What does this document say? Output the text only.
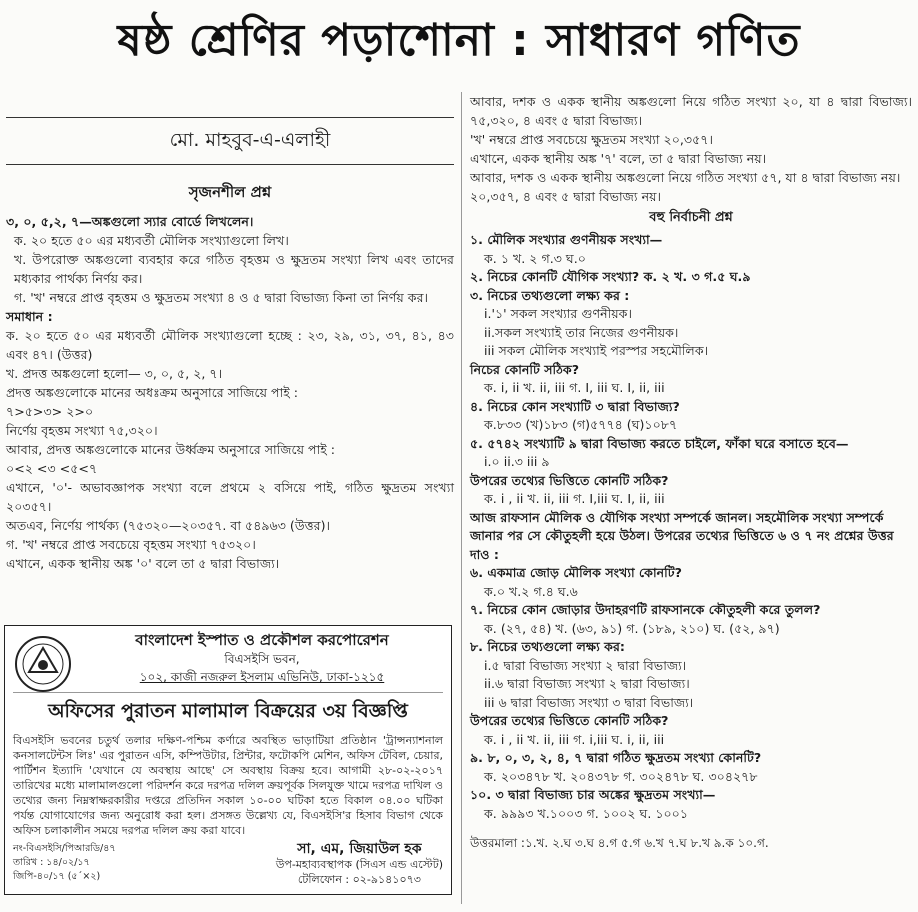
ষষ্ঠ শ্রেণির পড়াশোনা : সাধারণ গণিত
মো. মাহবুব-এ-এলাহী
সৃজনশীল প্রশ্ন

৩, ০, ৫,২, ৭—অঙ্কগুলো স্যার বোর্ডে লিখলেন।

ক. ২০ হতে ৫০ এর মধ্যবর্তী মৌলিক সংখ্যাগুলো লিখ।

খ. উপরোক্ত অঙ্কগুলো ব্যবহার করে গঠিত বৃহত্তম ও ক্ষুদ্রতম সংখ্যা লিখ এবং তাদের মধ্যকার পার্থক্য নির্ণয় কর।

গ. 'খ' নম্বরে প্রাপ্ত বৃহত্তম ও ক্ষুদ্রতম সংখ্যা ৪ ও ৫ দ্বারা বিভাজ্য কিনা তা নির্ণয় কর।

সমাধান :

ক. ২০ হতে ৫০ এর মধ্যবর্তী মৌলিক সংখ্যাগুলো হচ্ছে : ২৩, ২৯, ৩১, ৩৭, ৪১, ৪৩ এবং ৪৭। (উত্তর)

খ. প্রদত্ত অঙ্কগুলো হলো— ৩, ০, ৫, ২, ৭।

প্রদত্ত অঙ্কগুলোকে মানের অধঃক্রম অনুসারে সাজিয়ে পাই :

৭>৫>৩> ২>০

নির্ণেয় বৃহত্তম সংখ্যা ৭৫,৩২০।

আবার, প্রদত্ত অঙ্কগুলোকে মানের উর্ধ্বক্রম অনুসারে সাজিয়ে পাই :

০<২ <৩ <৫<৭

এখানে, '০'- অভাবজ্ঞাপক সংখ্যা বলে প্রথমে ২ বসিয়ে পাই, গঠিত ক্ষুদ্রতম সংখ্যা ২০৩৫৭।

অতএব, নির্ণেয় পার্থক্য (৭৫৩২০—২০৩৫৭. বা ৫৪৯৬৩ (উত্তর)।

গ. 'খ' নম্বরে প্রাপ্ত সবচেয়ে বৃহত্তম সংখ্যা ৭৫৩২০।

এখানে, একক স্থানীয় অঙ্ক '০' বলে তা ৫ দ্বারা বিভাজ্য।

বাংলাদেশ ইস্পাত ও প্রকৌশল করপোরেশন
বিএসইসি ভবন,
১০২, কাজী নজরুল ইসলাম এভিনিউ, ঢাকা-১২১৫
অফিসের পুরাতন মালামাল বিক্রয়ের ৩য় বিজ্ঞপ্তি

বিএসইসি ভবনের চতুর্থ তলার দক্ষিণ-পশ্চিম কর্ণারে অবস্থিত ভাড়াটিয়া প্রতিষ্ঠান 'ট্রান্সন্যাশনাল কনসালটেন্টস লিঃ' এর পুরাতন এসি, কম্পিউটার, প্রিন্টার, ফটোকপি মেশিন, অফিস টেবিল, চেয়ার, পার্টিশন ইত্যাদি 'যেখানে যে অবস্থায় আছে' সে অবস্থায় বিক্রয় হবে। আগামী ২৮-০২-২০১৭ তারিখের মধ্যে মালামালগুলো পরিদর্শন করে দরপত্র দলিল ক্রয়পূর্বক সিলযুক্ত খামে দরপত্র দাখিল ও তথ্যের জন্য নিম্নস্বাক্ষরকারীর দপ্তরে প্রতিদিন সকাল ১০-০০ ঘটিকা হতে বিকাল ০৪.০০ ঘটিকা পর্যন্ত যোগাযোগের জন্য অনুরোধ করা হল। প্রসঙ্গত উল্লেখ্য যে, বিএসইসি'র হিসাব বিভাগ থেকে অফিস চলাকালীন সময়ে দরপত্র দলিল ক্রয় করা যাবে।

নং-বিএসইসি/পিআরডি/৪৭
তারিখ : ১৪/০২/১৭
জিপি-৪০/১৭ (৫´×২)
সা, এম, জিয়াউল হক
উপ-মহাব্যবস্থাপক (সিএস এন্ড এস্টেট)
টেলিফোন : ০২-৯১৪১০৭৩

আবার, দশক ও একক স্থানীয় অঙ্কগুলো নিয়ে গঠিত সংখ্যা ২০, যা ৪ দ্বারা বিভাজ্য। ৭৫,৩২০, ৪ এবং ৫ দ্বারা বিভাজ্য।

'খ' নম্বরে প্রাপ্ত সবচেয়ে ক্ষুদ্রতম সংখ্যা ২০,৩৫৭।

এখানে, একক স্থানীয় অঙ্ক '৭' বলে, তা ৫ দ্বারা বিভাজ্য নয়।

আবার, দশক ও একক স্থানীয় অঙ্কগুলো নিয়ে গঠিত সংখ্যা ৫৭, যা ৪ দ্বারা বিভাজ্য নয়।

২০,৩৫৭, ৪ এবং ৫ দ্বারা বিভাজ্য নয়।

বহু নির্বাচনী প্রশ্ন

১. মৌলিক সংখ্যার গুণনীয়ক সংখ্যা—

ক. ১ খ. ২ গ.৩ ঘ.০

২. নিচের কোনটি যৌগিক সংখ্যা? ক. ২ খ. ৩ গ.৫ ঘ.৯

৩. নিচের তথ্যগুলো লক্ষ্য কর :

i.'১' সকল সংখ্যার গুণনীয়ক।

ii.সকল সংখ্যাই তার নিজের গুণনীয়ক।

iii সকল মৌলিক সংখ্যাই পরস্পর সহমৌলিক।

নিচের কোনটি সঠিক?

ক. i, ii খ. ii, iii গ. I, iii ঘ. I, ii, iii

৪. নিচের কোন সংখ্যাটি ৩ দ্বারা বিভাজ্য?

ক.৮৩৩ (খ)১৮৩ (গ)৫৭৭৪ (ঘ)১০৮৭

৫. ৫৭৪২ সংখ্যাটি ৯ দ্বারা বিভাজ্য করতে চাইলে, ফাঁকা ঘরে বসাতে হবে—

i.০ ii.৩ iii ৯

উপরের তথ্যের ভিত্তিতে কোনটি সঠিক?

ক. i , ii খ. ii, iii গ. I,iii ঘ. I, ii, iii

আজ রাফসান মৌলিক ও যৌগিক সংখ্যা সম্পর্কে জানল। সহমৌলিক সংখ্যা সম্পর্কে জানার পর সে কৌতুহলী হয়ে উঠল। উপরের তথ্যের ভিত্তিতে ৬ ও ৭ নং প্রশ্নের উত্তর দাও :

৬. একমাত্র জোড় মৌলিক সংখ্যা কোনটি?

ক.০ খ.২ গ.৪ ঘ.৬

৭. নিচের কোন জোড়ার উদাহরণটি রাফসানকে কৌতুহলী করে তুলল?

ক. (২৭, ৫৪) খ. (৬৩, ৯১) গ. (১৮৯, ২১০) ঘ. (৫২, ৯৭)

৮. নিচের তথ্যগুলো লক্ষ্য কর:

i.৫ দ্বারা বিভাজ্য সংখ্যা ২ দ্বারা বিভাজ্য।

ii.৬ দ্বারা বিভাজ্য সংখ্যা ২ দ্বারা বিভাজ্য।

iii ৬ দ্বারা বিভাজ্য সংখ্যা ৩ দ্বারা বিভাজ্য।

উপরের তথ্যের ভিত্তিতে কোনটি সঠিক?

ক. i , ii খ. ii, iii গ. i,iii ঘ. i, ii, iii

৯. ৮, ০, ৩, ২, ৪, ৭ দ্বারা গঠিত ক্ষুদ্রতম সংখ্যা কোনটি?

ক. ২০৩৪৭৮ খ. ২০৪৩৭৮ গ. ৩০২৪৭৮ ঘ. ৩০৪২৭৮

১০. ৩ দ্বারা বিভাজ্য চার অঙ্কের ক্ষুদ্রতম সংখ্যা—

ক. ৯৯৯৩ খ.১০০৩ গ. ১০০২ ঘ. ১০০১

উত্তরমালা :১.খ. ২.ঘ ৩.ঘ ৪.গ ৫.গ ৬.খ ৭.ঘ ৮.খ ৯.ক ১০.গ.
